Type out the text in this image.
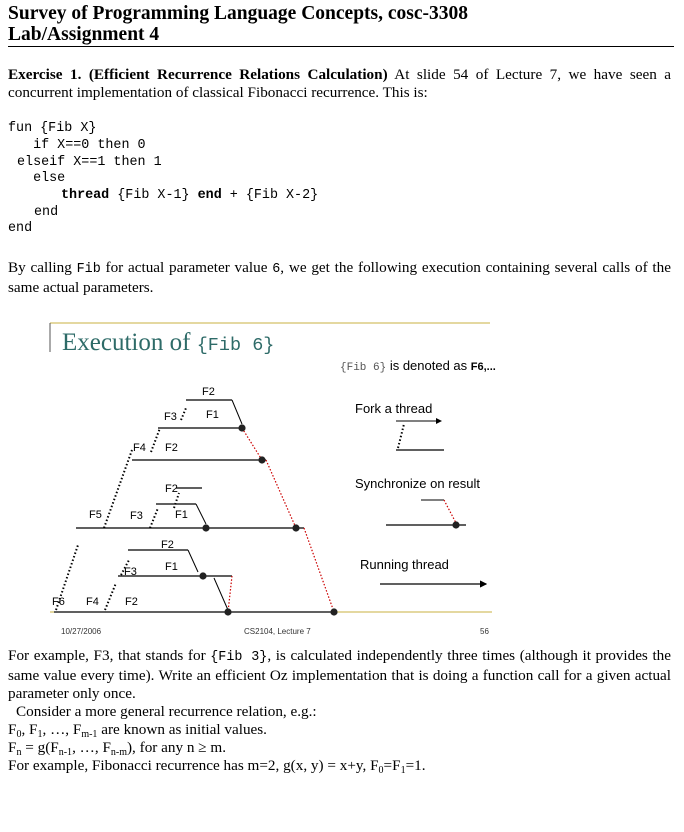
Survey of Programming Language Concepts, cosc-3308
Lab/Assignment 4
Exercise 1. (Efficient Recurrence Relations Calculation) At slide 54 of Lecture 7, we have seen a concurrent implementation of classical Fibonacci recurrence. This is:
fun {Fib X}
if X==0 then 0
elseif X==1 then 1
else
thread {Fib X-1} end + {Fib X-2}
end
end
By calling Fib for actual parameter value 6, we get the following execution containing several calls of the same actual parameters.
Execution of {Fib 6}
{Fib 6} is denoted as F6,...
Fork a thread
Synchronize on result
Running thread
F2
F3	F1
F4 F2
F2
F5	F3	F1
F2
F3	F1
F6 F4 F2
10/27/2006	CS2104, Lecture 7	56
For example, F3, that stands for {Fib 3}, is calculated independently three times (although it provides the same value every time). Write an efficient Oz implementation that is doing a function call for a given actual parameter only once.
Consider a more general recurrence relation, e.g.:
$F_0$, $F_1$, …, $F_{m-1}$ are known as initial values.
$F_n = g(F_{n-1}$, …, $F_{n-m}$), for any n ≥ m.
For example, Fibonacci recurrence has m=2, g(x, y) = x+y, $F_0=F_1=1$.
